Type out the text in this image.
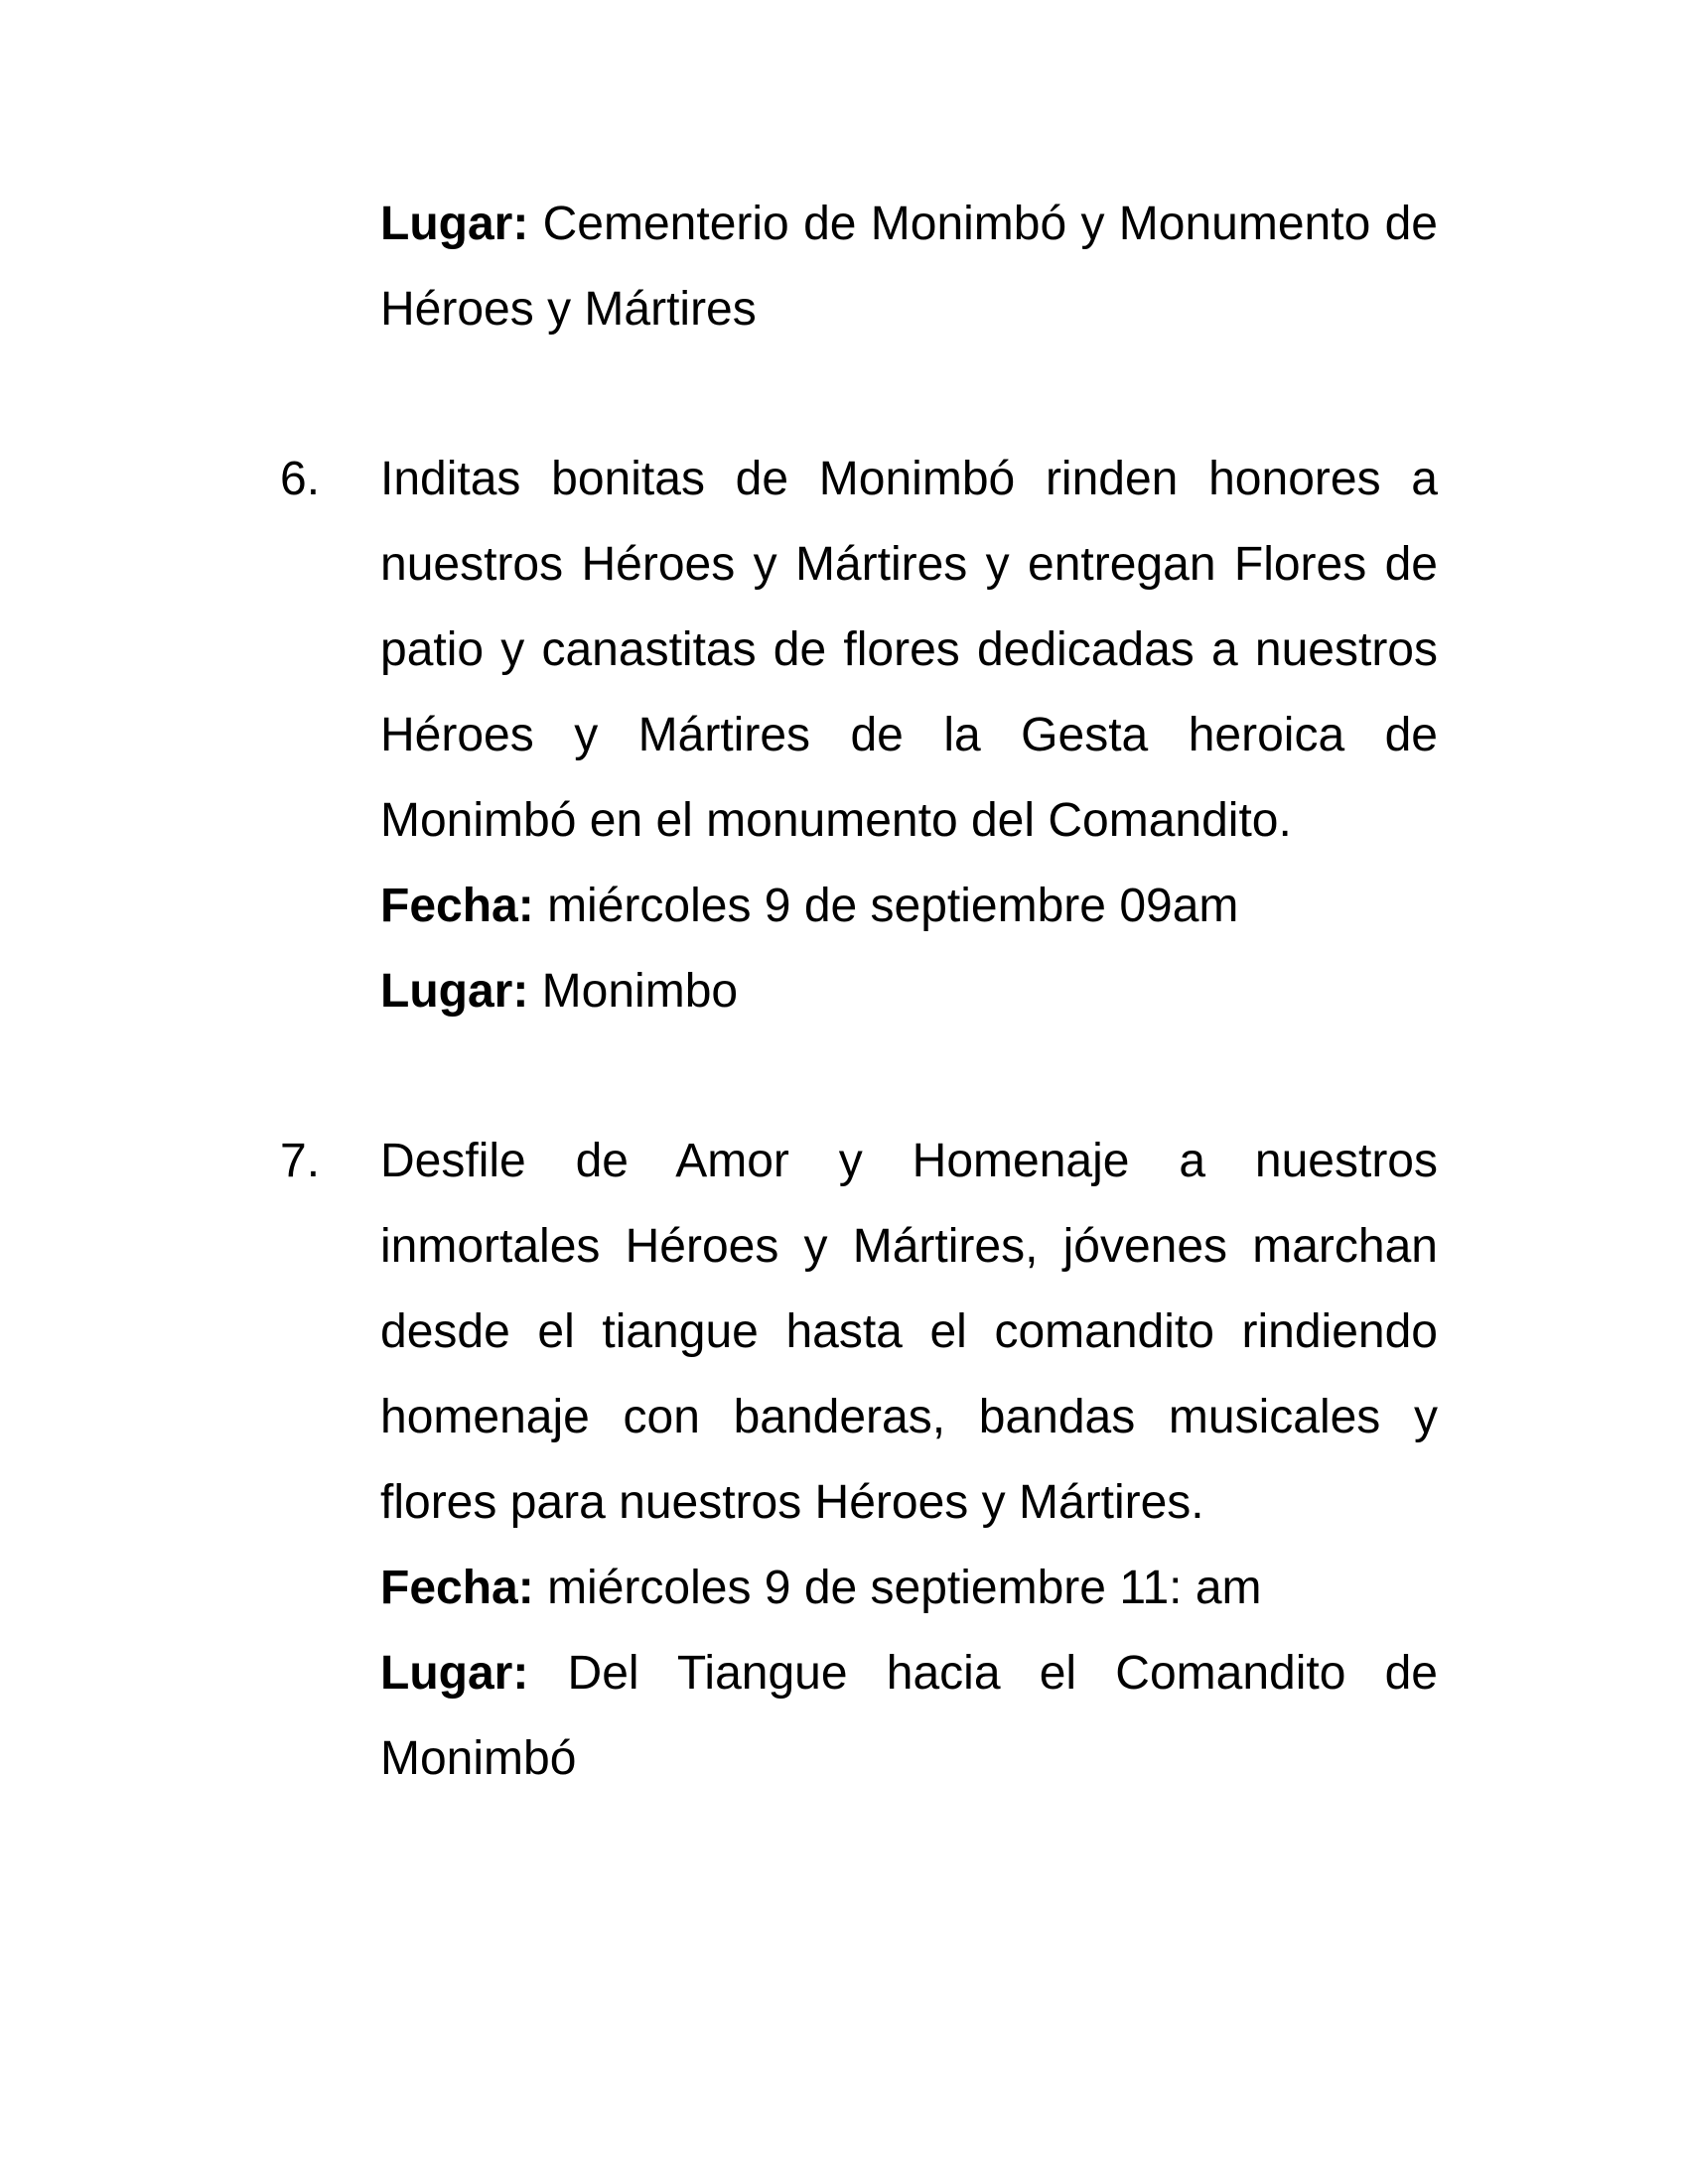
Lugar: Cementerio de Monimbó y Monumento de Héroes y Mártires
6. Inditas bonitas de Monimbó rinden honores a nuestros Héroes y Mártires y entregan Flores de patio y canastitas de flores dedicadas a nuestros Héroes y Mártires de la Gesta heroica de Monimbó en el monumento del Comandito.
Fecha: miércoles 9 de septiembre 09am
Lugar: Monimbo
7. Desfile de Amor y Homenaje a nuestros inmortales Héroes y Mártires, jóvenes marchan desde el tiangue hasta el comandito rindiendo homenaje con banderas, bandas musicales y flores para nuestros Héroes y Mártires.
Fecha: miércoles 9 de septiembre 11: am
Lugar: Del Tiangue hacia el Comandito de Monimbó
